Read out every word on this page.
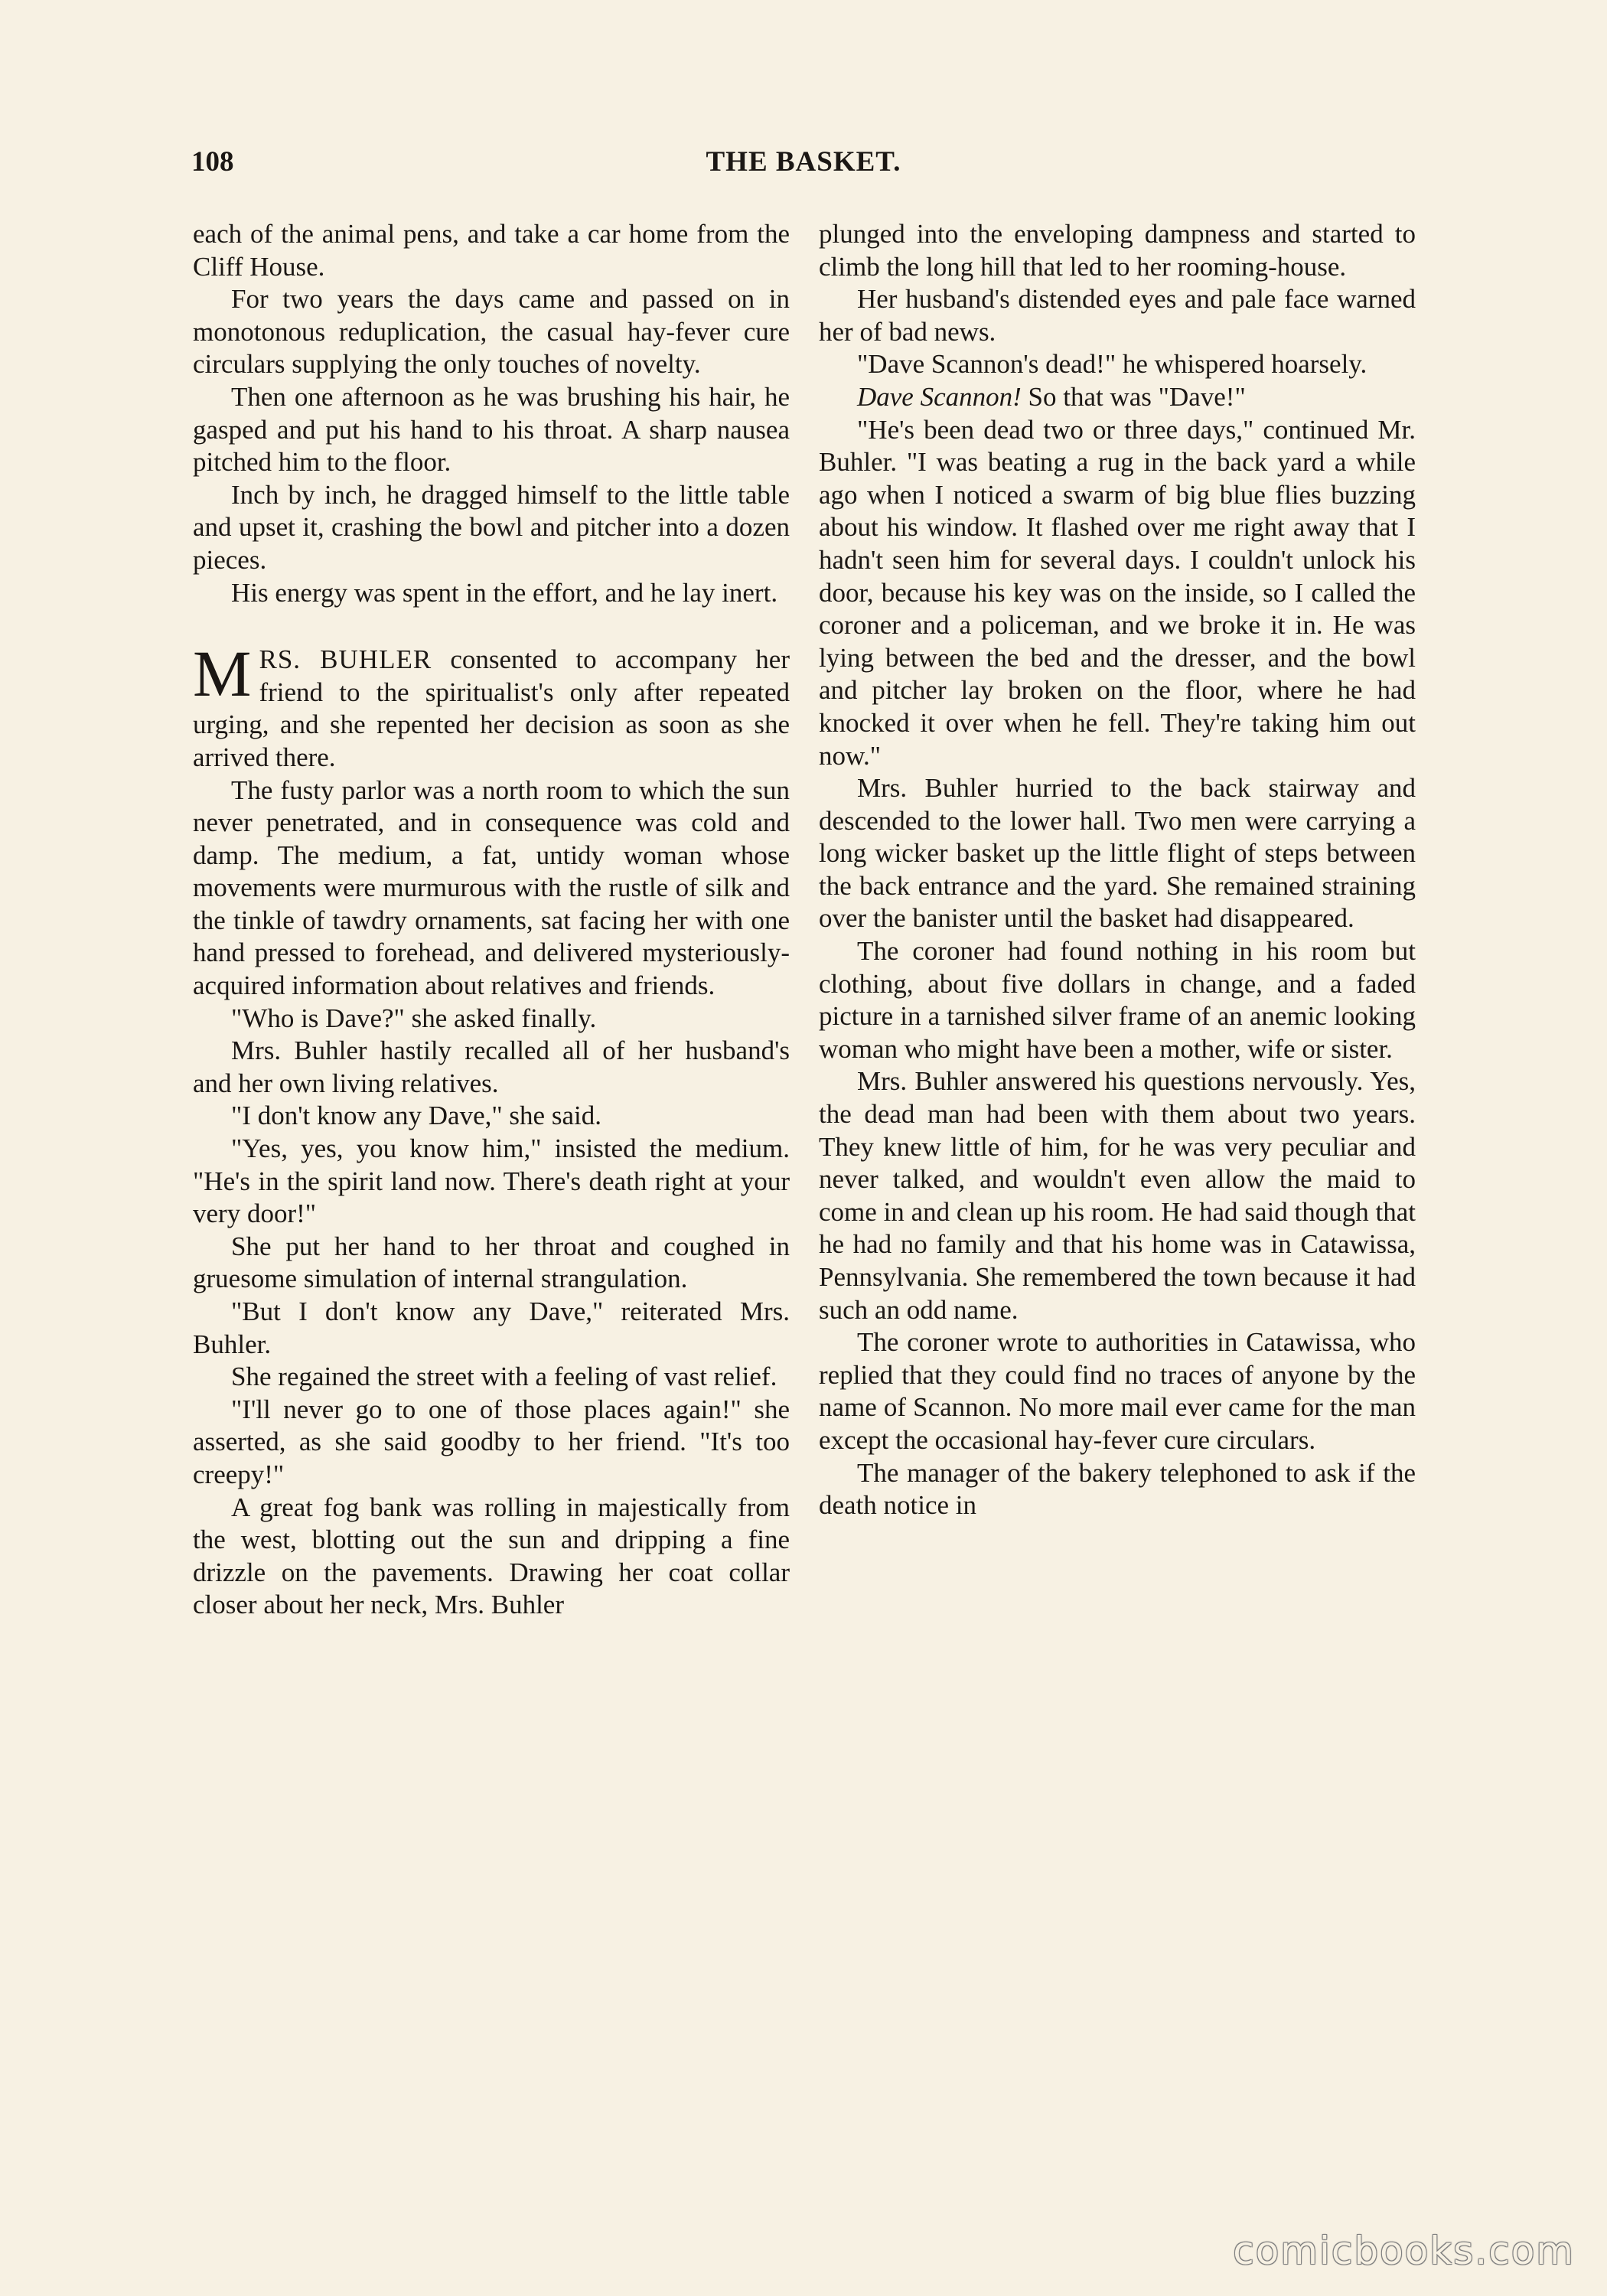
108	THE BASKET.

each of the animal pens, and take a car home from the Cliff House.

For two years the days came and passed on in monotonous reduplication, the casual hay-fever cure circulars supplying the only touches of novelty.

Then one afternoon as he was brushing his hair, he gasped and put his hand to his throat. A sharp nausea pitched him to the floor.

Inch by inch, he dragged himself to the little table and upset it, crashing the bowl and pitcher into a dozen pieces.

His energy was spent in the effort, and he lay inert.

MRS. BUHLER consented to accompany her friend to the spiritualist's only after repeated urging, and she repented her decision as soon as she arrived there.

The fusty parlor was a north room to which the sun never penetrated, and in consequence was cold and damp. The medium, a fat, untidy woman whose movements were murmurous with the rustle of silk and the tinkle of tawdry ornaments, sat facing her with one hand pressed to forehead, and delivered mysteriously-acquired information about relatives and friends.

"Who is Dave?" she asked finally.

Mrs. Buhler hastily recalled all of her husband's and her own living relatives.

"I don't know any Dave," she said.

"Yes, yes, you know him," insisted the medium. "He's in the spirit land now. There's death right at your very door!"

She put her hand to her throat and coughed in gruesome simulation of internal strangulation.

"But I don't know any Dave," reiterated Mrs. Buhler.

She regained the street with a feeling of vast relief.

"I'll never go to one of those places again!" she asserted, as she said goodby to her friend. "It's too creepy!"

A great fog bank was rolling in majestically from the west, blotting out the sun and dripping a fine drizzle on the pavements. Drawing her coat collar closer about her neck, Mrs. Buhler

plunged into the enveloping dampness and started to climb the long hill that led to her rooming-house.

Her husband's distended eyes and pale face warned her of bad news.

"Dave Scannon's dead!" he whispered hoarsely.

Dave Scannon! So that was "Dave!"

"He's been dead two or three days," continued Mr. Buhler. "I was beating a rug in the back yard a while ago when I noticed a swarm of big blue flies buzzing about his window. It flashed over me right away that I hadn't seen him for several days. I couldn't unlock his door, because his key was on the inside, so I called the coroner and a policeman, and we broke it in. He was lying between the bed and the dresser, and the bowl and pitcher lay broken on the floor, where he had knocked it over when he fell. They're taking him out now."

Mrs. Buhler hurried to the back stairway and descended to the lower hall. Two men were carrying a long wicker basket up the little flight of steps between the back entrance and the yard. She remained straining over the banister until the basket had disappeared.

The coroner had found nothing in his room but clothing, about five dollars in change, and a faded picture in a tarnished silver frame of an anemic looking woman who might have been a mother, wife or sister.

Mrs. Buhler answered his questions nervously. Yes, the dead man had been with them about two years. They knew little of him, for he was very peculiar and never talked, and wouldn't even allow the maid to come in and clean up his room. He had said though that he had no family and that his home was in Catawissa, Pennsylvania. She remembered the town because it had such an odd name.

The coroner wrote to authorities in Catawissa, who replied that they could find no traces of anyone by the name of Scannon. No more mail ever came for the man except the occasional hay-fever cure circulars.

The manager of the bakery telephoned to ask if the death notice in

comicbooks.com
